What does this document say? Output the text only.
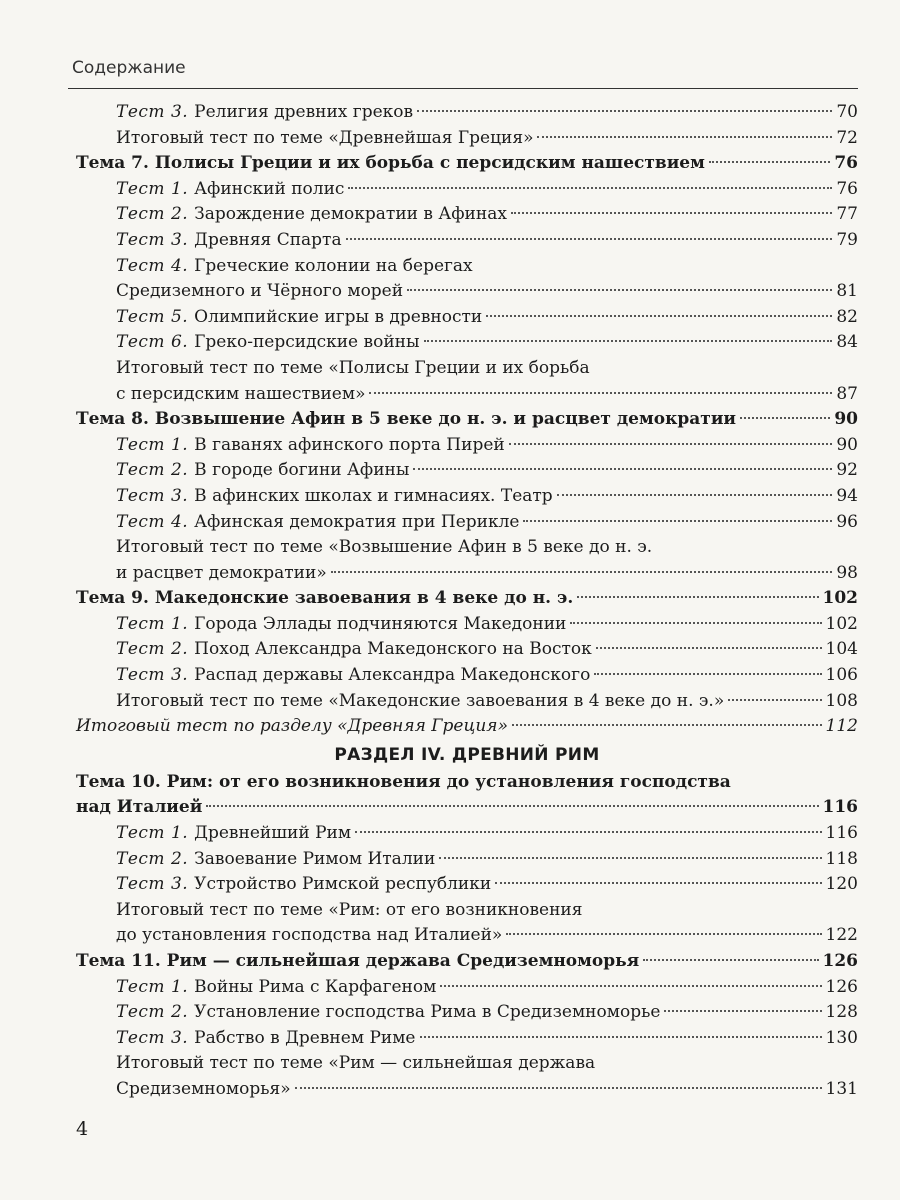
Содержание
Тест 3. Религия древних греков	70
Итоговый тест по теме «Древнейшая Греция»	72
Тема 7. Полисы Греции и их борьба с персидским нашествием	76
Тест 1. Афинский полис	76
Тест 2. Зарождение демократии в Афинах	77
Тест 3. Древняя Спарта	79
Тест 4. Греческие колонии на берегах
Средиземного и Чёрного морей	81
Тест 5. Олимпийские игры в древности	82
Тест 6. Греко-персидские войны	84
Итоговый тест по теме «Полисы Греции и их борьба
с персидским нашествием»	87
Тема 8. Возвышение Афин в 5 веке до н. э. и расцвет демократии	90
Тест 1. В гаванях афинского порта Пирей	90
Тест 2. В городе богини Афины	92
Тест 3. В афинских школах и гимнасиях. Театр	94
Тест 4. Афинская демократия при Перикле	96
Итоговый тест по теме «Возвышение Афин в 5 веке до н. э.
и расцвет демократии»	98
Тема 9. Македонские завоевания в 4 веке до н. э.	102
Тест 1. Города Эллады подчиняются Македонии	102
Тест 2. Поход Александра Македонского на Восток	104
Тест 3. Распад державы Александра Македонского	106
Итоговый тест по теме «Македонские завоевания в 4 веке до н. э.»	108
Итоговый тест по разделу «Древняя Греция»	112
РАЗДЕЛ IV. ДРЕВНИЙ РИМ
Тема 10. Рим: от его возникновения до установления господства
над Италией	116
Тест 1. Древнейший Рим	116
Тест 2. Завоевание Римом Италии	118
Тест 3. Устройство Римской республики	120
Итоговый тест по теме «Рим: от его возникновения
до установления господства над Италией»	122
Тема 11. Рим — сильнейшая держава Средиземноморья	126
Тест 1. Войны Рима с Карфагеном	126
Тест 2. Установление господства Рима в Средиземноморье	128
Тест 3. Рабство в Древнем Риме	130
Итоговый тест по теме «Рим — сильнейшая держава
Средиземноморья»	131
4
